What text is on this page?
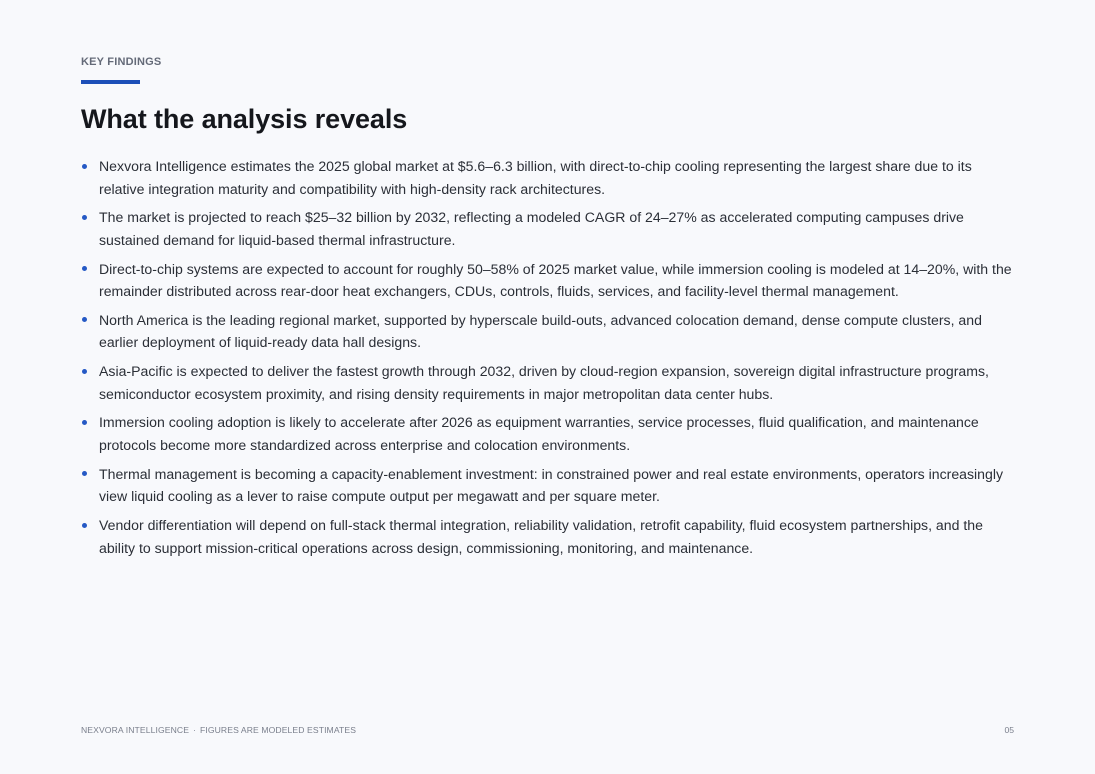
KEY FINDINGS
What the analysis reveals
Nexvora Intelligence estimates the 2025 global market at $5.6–6.3 billion, with direct-to-chip cooling representing the largest share due to its relative integration maturity and compatibility with high-density rack architectures.
The market is projected to reach $25–32 billion by 2032, reflecting a modeled CAGR of 24–27% as accelerated computing campuses drive sustained demand for liquid-based thermal infrastructure.
Direct-to-chip systems are expected to account for roughly 50–58% of 2025 market value, while immersion cooling is modeled at 14–20%, with the remainder distributed across rear-door heat exchangers, CDUs, controls, fluids, services, and facility-level thermal management.
North America is the leading regional market, supported by hyperscale build-outs, advanced colocation demand, dense compute clusters, and earlier deployment of liquid-ready data hall designs.
Asia-Pacific is expected to deliver the fastest growth through 2032, driven by cloud-region expansion, sovereign digital infrastructure programs, semiconductor ecosystem proximity, and rising density requirements in major metropolitan data center hubs.
Immersion cooling adoption is likely to accelerate after 2026 as equipment warranties, service processes, fluid qualification, and maintenance protocols become more standardized across enterprise and colocation environments.
Thermal management is becoming a capacity-enablement investment: in constrained power and real estate environments, operators increasingly view liquid cooling as a lever to raise compute output per megawatt and per square meter.
Vendor differentiation will depend on full-stack thermal integration, reliability validation, retrofit capability, fluid ecosystem partnerships, and the ability to support mission-critical operations across design, commissioning, monitoring, and maintenance.
NEXVORA INTELLIGENCE · FIGURES ARE MODELED ESTIMATES	05
